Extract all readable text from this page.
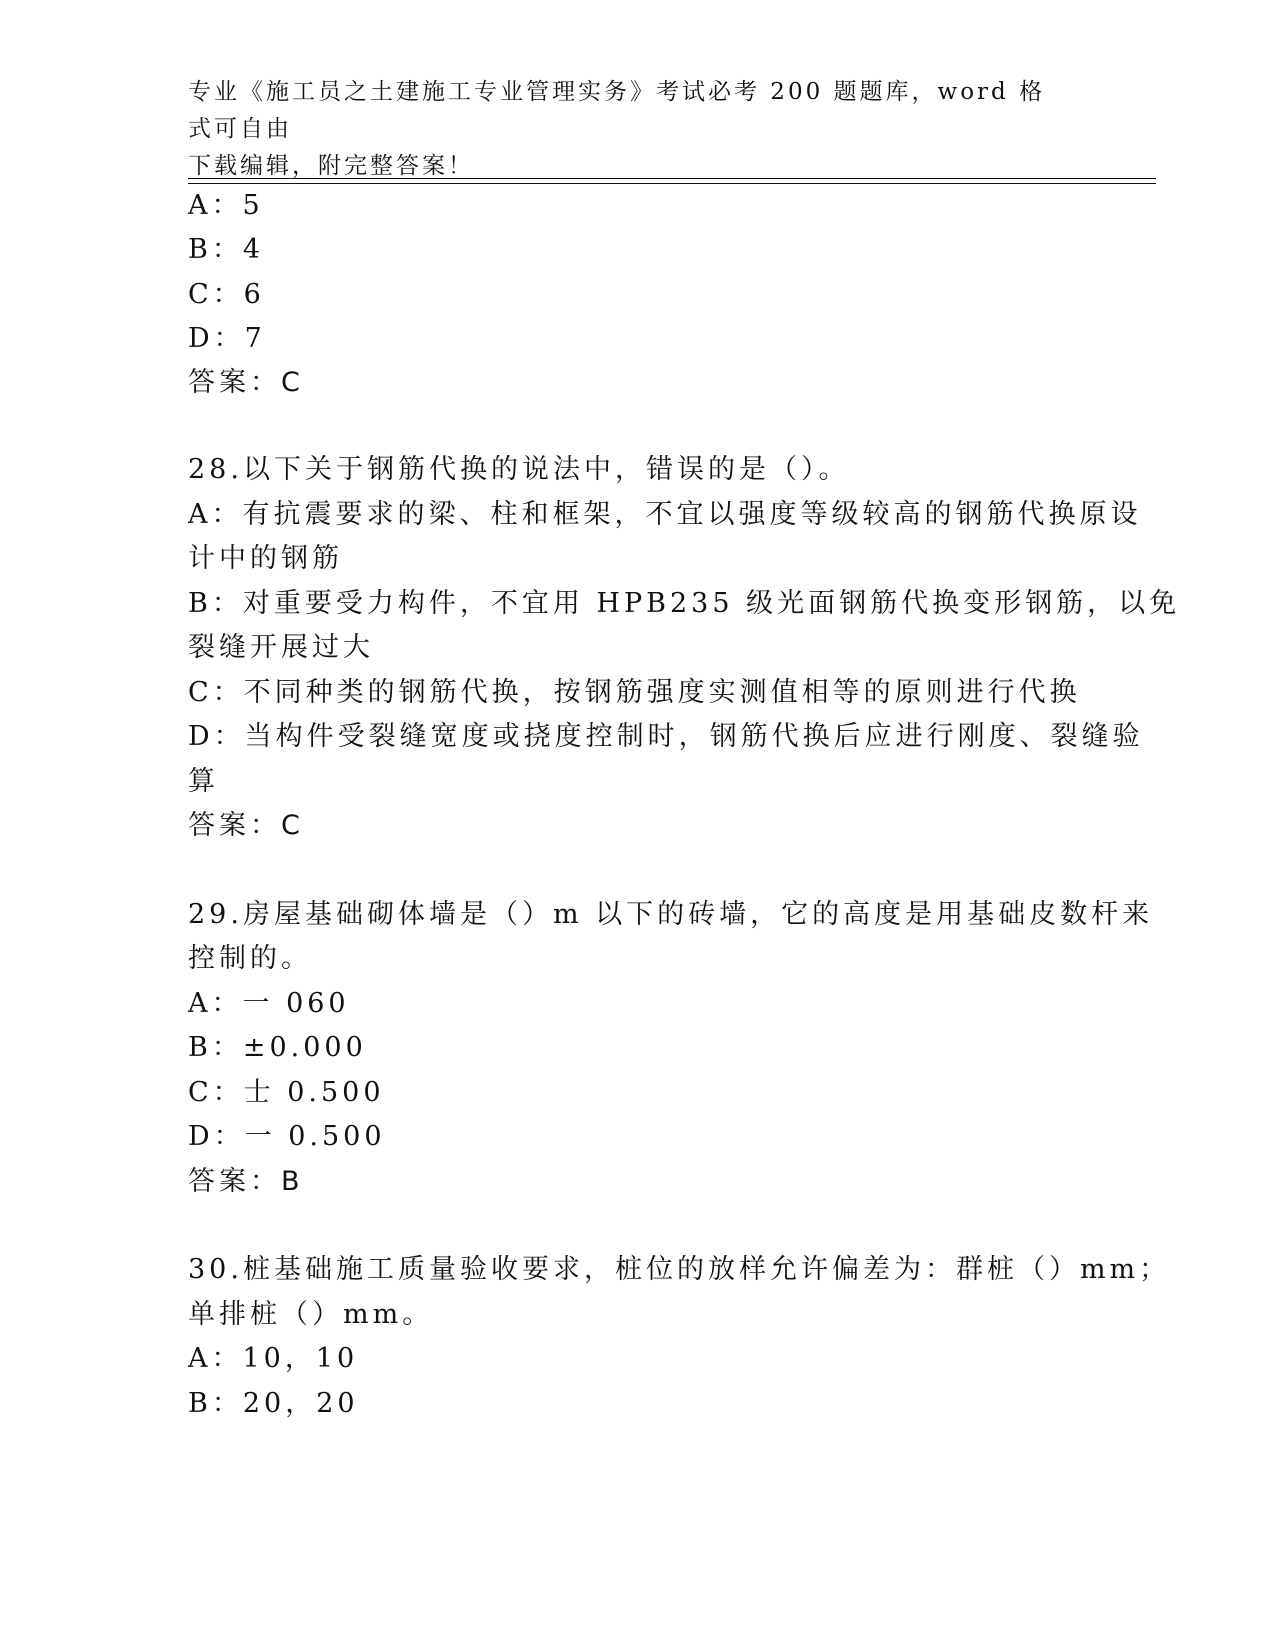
专业《施工员之土建施工专业管理实务》考试必考 200 题题库，word 格式可自由
下载编辑，附完整答案！
A：5
B：4
C：6
D：7
答案：C
28.以下关于钢筋代换的说法中，错误的是（）。
A：有抗震要求的梁、柱和框架，不宜以强度等级较高的钢筋代换原设
计中的钢筋
B：对重要受力构件，不宜用 HPB235 级光面钢筋代换变形钢筋，以免
裂缝开展过大
C：不同种类的钢筋代换，按钢筋强度实测值相等的原则进行代换
D：当构件受裂缝宽度或挠度控制时，钢筋代换后应进行刚度、裂缝验
算
答案：C
29.房屋基础砌体墙是（）m 以下的砖墙，它的高度是用基础皮数杆来
控制的。
A：一 060
B：±0.000
C：士 0.500
D：一 0.500
答案：B
30.桩基础施工质量验收要求，桩位的放样允许偏差为：群桩（）mm；
单排桩（）mm。
A：10，10
B：20，20
